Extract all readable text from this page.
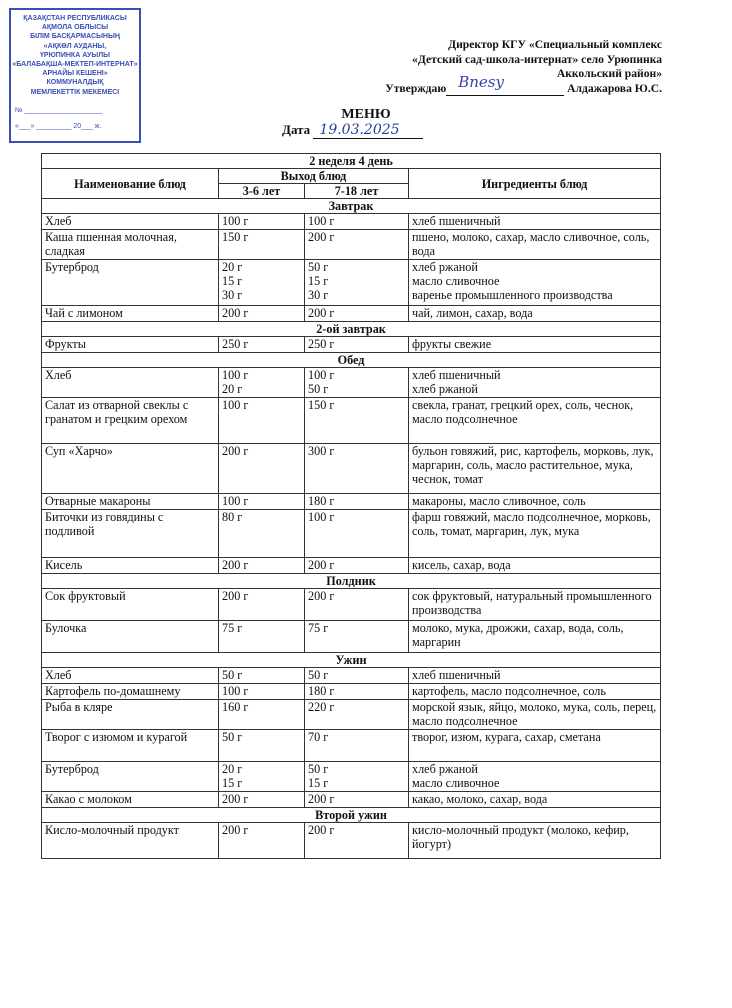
ҚАЗАҚСТАН РЕСПУБЛИКАСЫ
АҚМОЛА ОБЛЫСЫ
БІЛІМ БАСҚАРМАСЫНЫҢ
«АҚКӨЛ АУДАНЫ,
ҮРЮПИНКА АУЫЛЫ
«БАЛАБАҚША-МЕКТЕП-ИНТЕРНАТ»
АРНАЙЫ КЕШЕНІ»
КОММУНАЛДЫҚ
МЕМЛЕКЕТТІК МЕКЕМЕСІ
№ ____________________
«___» _________ 20___ ж.
Директор КГУ «Специальный комплекс
«Детский сад-школа-интернат» село Урюпинка
Аккольский район»
Утверждаю Bnesy	Алдажарова Ю.С.
МЕНЮ
Дата 19.03.2025
2 неделя 4 день			
Наименование блюд	Выход блюд		Ингредиенты блюд
	3-6 лет	7-18 лет	
Завтрак			
Хлеб	100 г	100 г	хлеб пшеничный
Каша пшенная молочная, сладкая	150 г	200 г	пшено, молоко, сахар, масло сливочное, соль, вода
Бутерброд	20 г
15 г
30 г	50 г
15 г
30 г	хлеб ржаной
масло сливочное
варенье промышленного производства
Чай с лимоном	200 г	200 г	чай, лимон, сахар, вода
2-ой завтрак			
Фрукты	250 г	250 г	фрукты свежие
Обед			
Хлеб	100 г
20 г	100 г
50 г	хлеб пшеничный
хлеб ржаной
Салат из отварной свеклы с гранатом и грецким орехом	100 г	150 г	свекла, гранат, грецкий орех, соль, чеснок, масло подсолнечное
Суп «Харчо»	200 г	300 г	бульон говяжий, рис, картофель, морковь, лук, маргарин, соль, масло растительное, мука, чеснок, томат
Отварные макароны	100 г	180 г	макароны, масло сливочное, соль
Биточки из говядины с подливой	80 г	100 г	фарш говяжий, масло подсолнечное, морковь, соль, томат, маргарин, лук, мука
Кисель	200 г	200 г	кисель, сахар, вода
Полдник			
Сок фруктовый	200 г	200 г	сок фруктовый, натуральный промышленного производства
Булочка	75 г	75 г	молоко, мука, дрожжи, сахар, вода, соль, маргарин
Ужин			
Хлеб	50 г	50 г	хлеб пшеничный
Картофель по-домашнему	100 г	180 г	картофель, масло подсолнечное, соль
Рыба в кляре	160 г	220 г	морской язык, яйцо, молоко, мука, соль, перец, масло подсолнечное
Творог с изюмом и курагой	50 г	70 г	творог, изюм, курага, сахар, сметана
Бутерброд	20 г
15 г	50 г
15 г	хлеб ржаной
масло сливочное
Какао с молоком	200 г	200 г	какао, молоко, сахар, вода
Второй ужин			
Кисло-молочный продукт	200 г	200 г	кисло-молочный продукт (молоко, кефир, йогурт)
